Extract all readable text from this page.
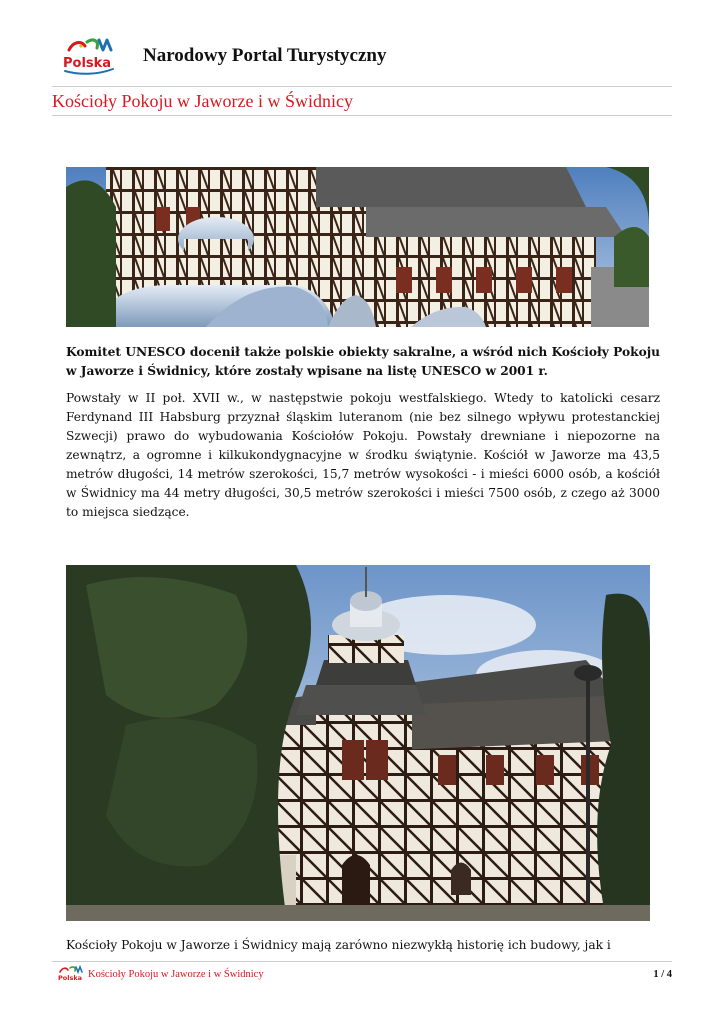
Polska Narodowy Portal Turystyczny
Kościoły Pokoju w Jaworze i w Świdnicy

Komitet UNESCO docenił także polskie obiekty sakralne, a wśród nich Kościoły Pokoju w Jaworze i Świdnicy, które zostały wpisane na listę UNESCO w 2001 r.

Powstały w II poł. XVII w., w następstwie pokoju westfalskiego. Wtedy to katolicki cesarz Ferdynand III Habsburg przyznał śląskim luteranom (nie bez silnego wpływu protestanckiej Szwecji) prawo do wybudowania Kościołów Pokoju. Powstały drewniane i niepozorne na zewnątrz, a ogromne i kilkukondygnacyjne w środku świątynie. Kościół w Jaworze ma 43,5 metrów długości, 14 metrów szerokości, 15,7 metrów wysokości - i mieści 6000 osób, a kościół w Świdnicy ma 44 metry długości, 30,5 metrów szerokości i mieści 7500 osób, z czego aż 3000 to miejsca siedzące.

Kościoły Pokoju w Jaworze i Świdnicy mają zarówno niezwykłą historię ich budowy, jak i

Polska Kościoły Pokoju w Jaworze i w Świdnicy	1 / 4
